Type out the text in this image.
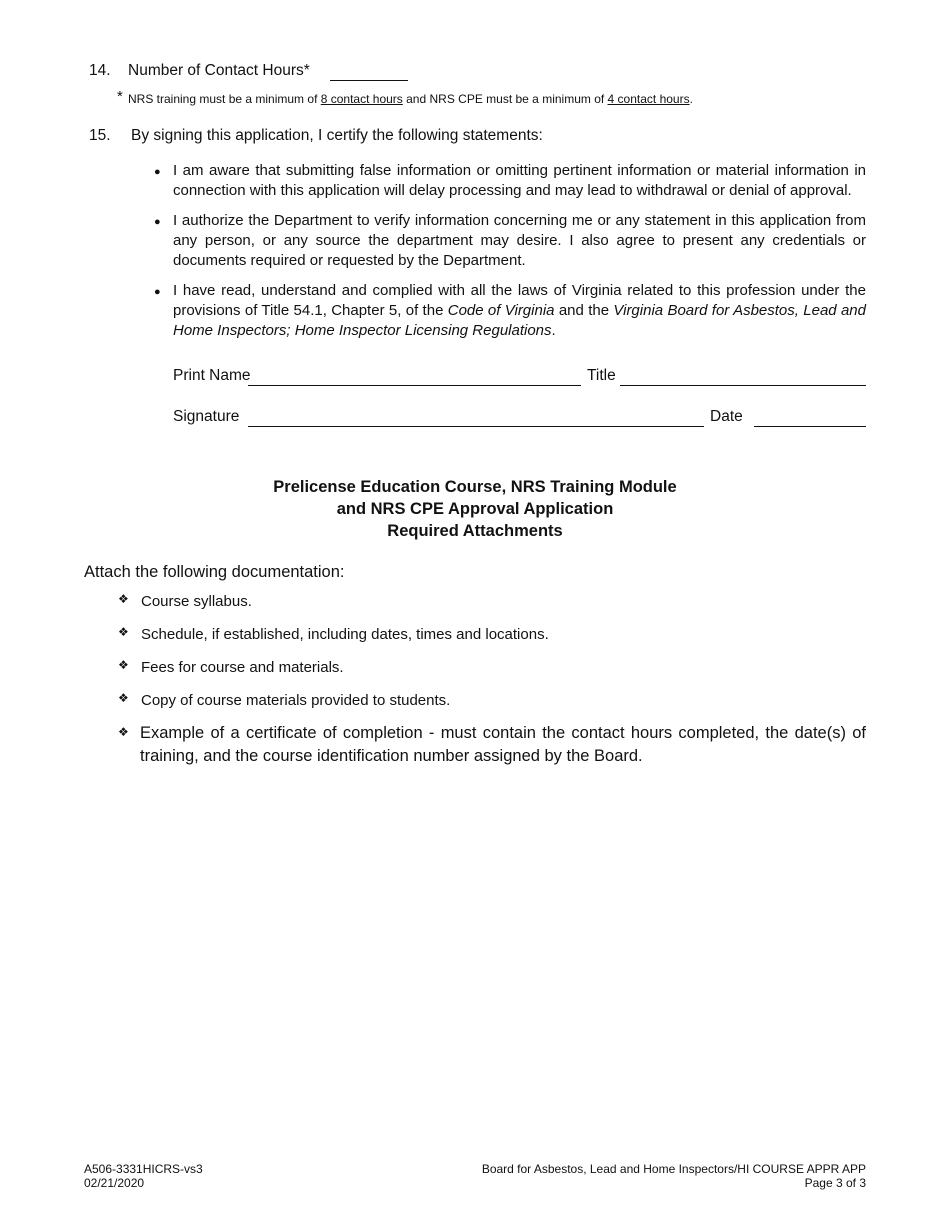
14. Number of Contact Hours*
* NRS training must be a minimum of 8 contact hours and NRS CPE must be a minimum of 4 contact hours.
15. By signing this application, I certify the following statements:
● I am aware that submitting false information or omitting pertinent information or material information in connection with this application will delay processing and may lead to withdrawal or denial of approval.
● I authorize the Department to verify information concerning me or any statement in this application from any person, or any source the department may desire. I also agree to present any credentials or documents required or requested by the Department.
● I have read, understand and complied with all the laws of Virginia related to this profession under the provisions of Title 54.1, Chapter 5, of the Code of Virginia and the Virginia Board for Asbestos, Lead and Home Inspectors; Home Inspector Licensing Regulations.
Print Name	Title
Signature	Date
Prelicense Education Course, NRS Training Module
and NRS CPE Approval Application
Required Attachments
Attach the following documentation:
❖ Course syllabus.
❖ Schedule, if established, including dates, times and locations.
❖ Fees for course and materials.
❖ Copy of course materials provided to students.
❖ Example of a certificate of completion - must contain the contact hours completed, the date(s) of training, and the course identification number assigned by the Board.
A506-3331HICRS-vs3
02/21/2020
Board for Asbestos, Lead and Home Inspectors/HI COURSE APPR APP
Page 3 of 3
